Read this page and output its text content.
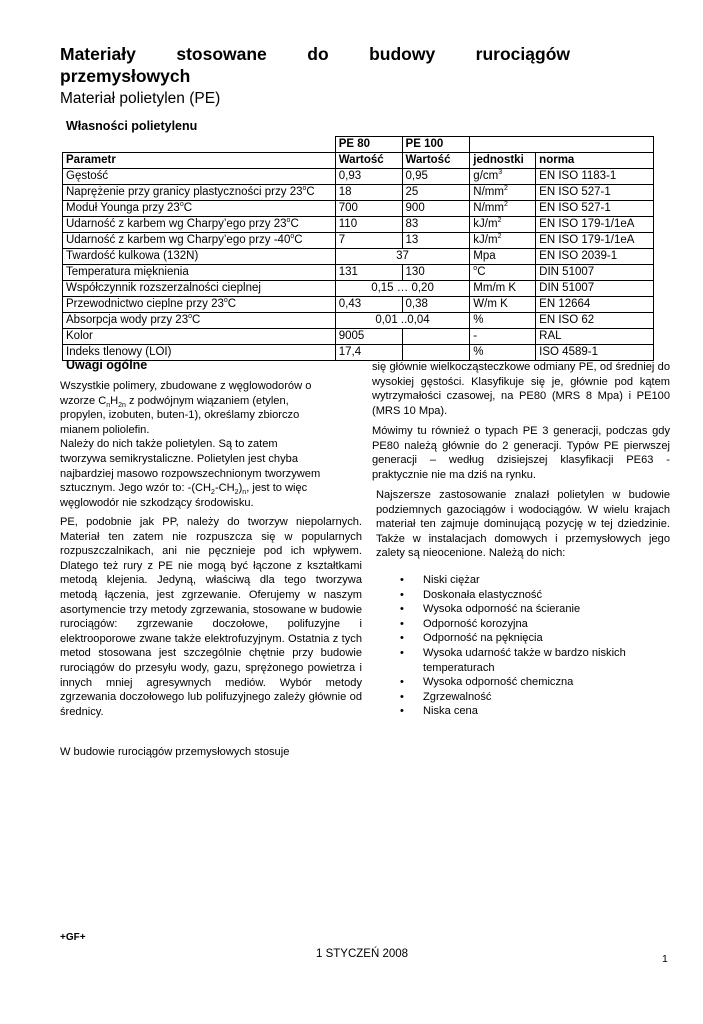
Materiały stosowane do budowy rurociągów
przemysłowych
Materiał polietylen (PE)
Własności polietylenu
	PE 80	PE 100		
Parametr	Wartość	Wartość	jednostki	norma
Gęstość	0,93	0,95	$g/cm^3$	EN ISO 1183-1
Naprężenie przy granicy plastyczności przy 23$^o$C	18	25	$N/mm^2$	EN ISO 527-1
Moduł Younga przy 23$^o$C	700	900	$N/mm^2$	EN ISO 527-1
Udarność z karbem wg Charpy’ego przy 23$^o$C	110	83	$kJ/m^2$	EN ISO 179-1/1eA
Udarność z karbem wg Charpy’ego przy -40$^o$C	7	13	$kJ/m^2$	EN ISO 179-1/1eA
Twardość kulkowa (132N)	37		Mpa	EN ISO 2039-1
Temperatura mięknienia	131	130	$^o$C	DIN 51007
Współczynnik rozszerzalności cieplnej	0,15 … 0,20		Mm/m K	DIN 51007
Przewodnictwo cieplne przy 23$^o$C	0,43	0,38	W/m K	EN 12664
Absorpcja wody przy 23$^o$C	0,01 ..0,04		%	EN ISO 62
Kolor	9005		-	RAL
Indeks tlenowy (LOI)	17,4		%	ISO 4589-1
Uwagi ogólne
Wszystkie polimery, zbudowane z węglowodorów o
wzorze $C_nH_{2n}$ z podwójnym wiązaniem (etylen,
propylen, izobuten, buten-1), określamy zbiorczo
mianem poliolefin.
Należy do nich także polietylen. Są to zatem
tworzywa semikrystaliczne. Polietylen jest chyba
najbardziej masowo rozpowszechnionym tworzywem
sztucznym. Jego wzór to: $-(CH_2-CH_2)_n$, jest to więc
węglowodór nie szkodzący środowisku.
PE, podobnie jak PP, należy do tworzyw niepolarnych. Materiał ten zatem nie rozpuszcza się w popularnych rozpuszczalnikach, ani nie pęcznieje pod ich wpływem. Dlatego też rury z PE nie mogą być łączone z kształtkami metodą klejenia. Jedyną, właściwą dla tego tworzywa metodą łączenia, jest zgrzewanie. Oferujemy w naszym asortymencie trzy metody zgrzewania, stosowane w budowie rurociągów: zgrzewanie doczołowe, polifuzyjne i elektrooporowe zwane także elektrofuzyjnym. Ostatnia z tych metod stosowana jest szczególnie chętnie przy budowie rurociągów do przesyłu wody, gazu, sprężonego powietrza i innych mniej agresywnych mediów. Wybór metody zgrzewania doczołowego lub polifuzyjnego zależy głównie od średnicy.
W budowie rurociągów przemysłowych stosuje
się głównie wielkocząsteczkowe odmiany PE, od średniej do wysokiej gęstości. Klasyfikuje się je, głównie pod kątem wytrzymałości czasowej, na PE80 (MRS 8 Mpa) i PE100 (MRS 10 Mpa).
Mówimy tu również o typach PE 3 generacji, podczas gdy PE80 należą głównie do 2 generacji. Typów PE pierwszej generacji – według dzisiejszej klasyfikacji PE63 - praktycznie nie ma dziś na rynku.
Najszersze zastosowanie znalazł polietylen w budowie podziemnych gazociągów i wodociągów. W wielu krajach materiał ten zajmuje dominującą pozycję w tej dziedzinie. Także w instalacjach domowych i przemysłowych jego zalety są nieocenione. Należą do nich:
• Niski ciężar
• Doskonała elastyczność
• Wysoka odporność na ścieranie
• Odporność korozyjna
• Odporność na pęknięcia
• Wysoka udarność także w bardzo niskich temperaturach
• Wysoka odporność chemiczna
• Zgrzewalność
• Niska cena
+GF+
1 STYCZEŃ 2008	1
